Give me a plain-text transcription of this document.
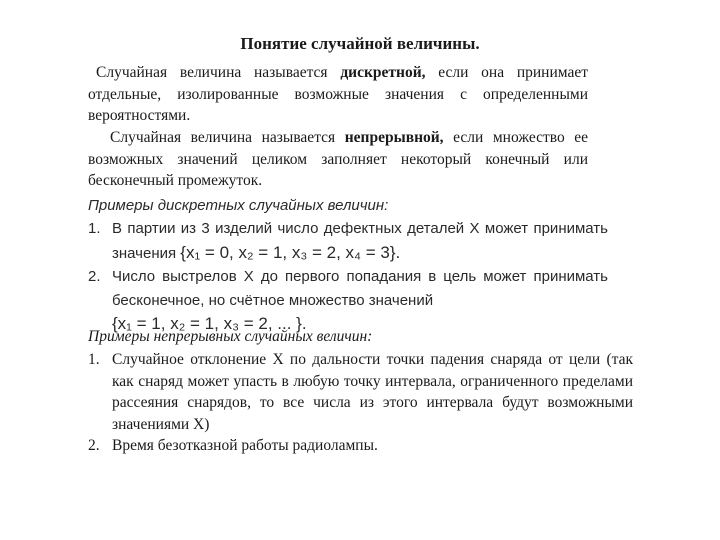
Понятие случайной величины.
Случайная величина называется дискретной, если она принимает отдельные, изолированные возможные значения с определенными вероятностями.
Случайная величина называется непрерывной, если множество ее возможных значений целиком заполняет некоторый конечный или бесконечный промежуток.
Примеры дискретных случайных величин:
1. В партии из 3 изделий число дефектных деталей X может принимать значения {x₁ = 0, x₂ = 1, x₃ = 2, x₄ = 3}.
2. Число выстрелов X до первого попадания в цель может принимать бесконечное, но счётное множество значений
{x₁ = 1, x₂ = 1, x₃ = 2, ... }.
Примеры непрерывных случайных величин:
1. Случайное отклонение X по дальности точки падения снаряда от цели (так как снаряд может упасть в любую точку интервала, ограниченного пределами рассеяния снарядов, то все числа из этого интервала будут возможными значениями X)
2. Время безотказной работы радиолампы.
